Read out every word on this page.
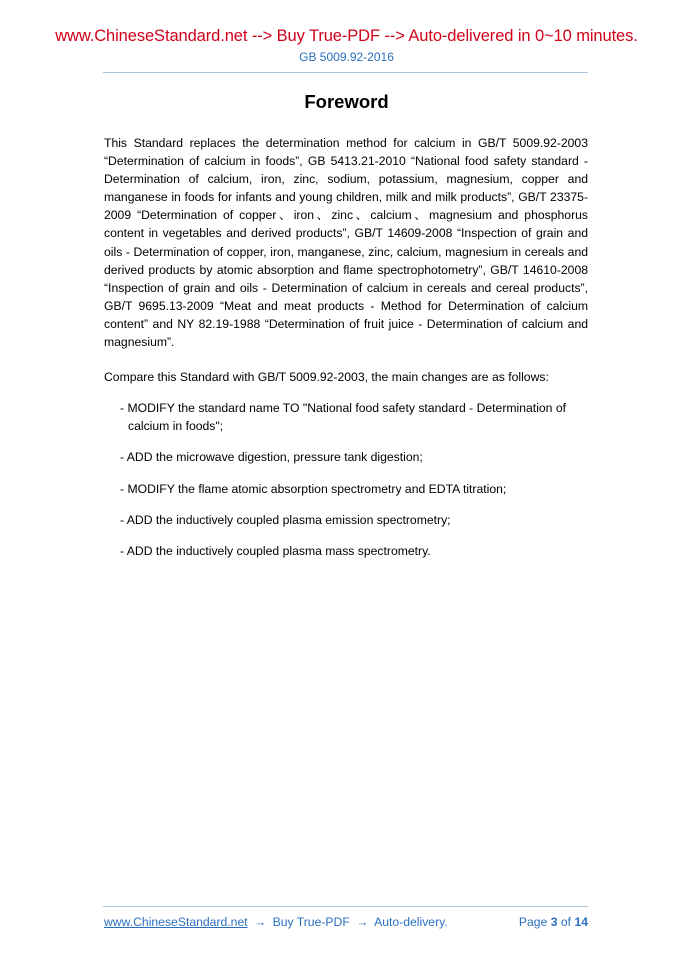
www.ChineseStandard.net --> Buy True-PDF --> Auto-delivered in 0~10 minutes.
GB 5009.92-2016
Foreword

This Standard replaces the determination method for calcium in GB/T 5009.92-2003 “Determination of calcium in foods”, GB 5413.21-2010 “National food safety standard - Determination of calcium, iron, zinc, sodium, potassium, magnesium, copper and manganese in foods for infants and young children, milk and milk products”, GB/T 23375-2009 “Determination of copper、iron、zinc、calcium、magnesium and phosphorus content in vegetables and derived products”, GB/T 14609-2008 “Inspection of grain and oils - Determination of copper, iron, manganese, zinc, calcium, magnesium in cereals and derived products by atomic absorption and flame spectrophotometry”, GB/T 14610-2008 “Inspection of grain and oils - Determination of calcium in cereals and cereal products”, GB/T 9695.13-2009 “Meat and meat products - Method for Determination of calcium content” and NY 82.19-1988 “Determination of fruit juice - Determination of calcium and magnesium”.

Compare this Standard with GB/T 5009.92-2003, the main changes are as follows:

- MODIFY the standard name TO "National food safety standard - Determination of calcium in foods";
- ADD the microwave digestion, pressure tank digestion;
- MODIFY the flame atomic absorption spectrometry and EDTA titration;
- ADD the inductively coupled plasma emission spectrometry;
- ADD the inductively coupled plasma mass spectrometry.
www.ChineseStandard.net → Buy True-PDF → Auto-delivery.	Page 3 of 14
